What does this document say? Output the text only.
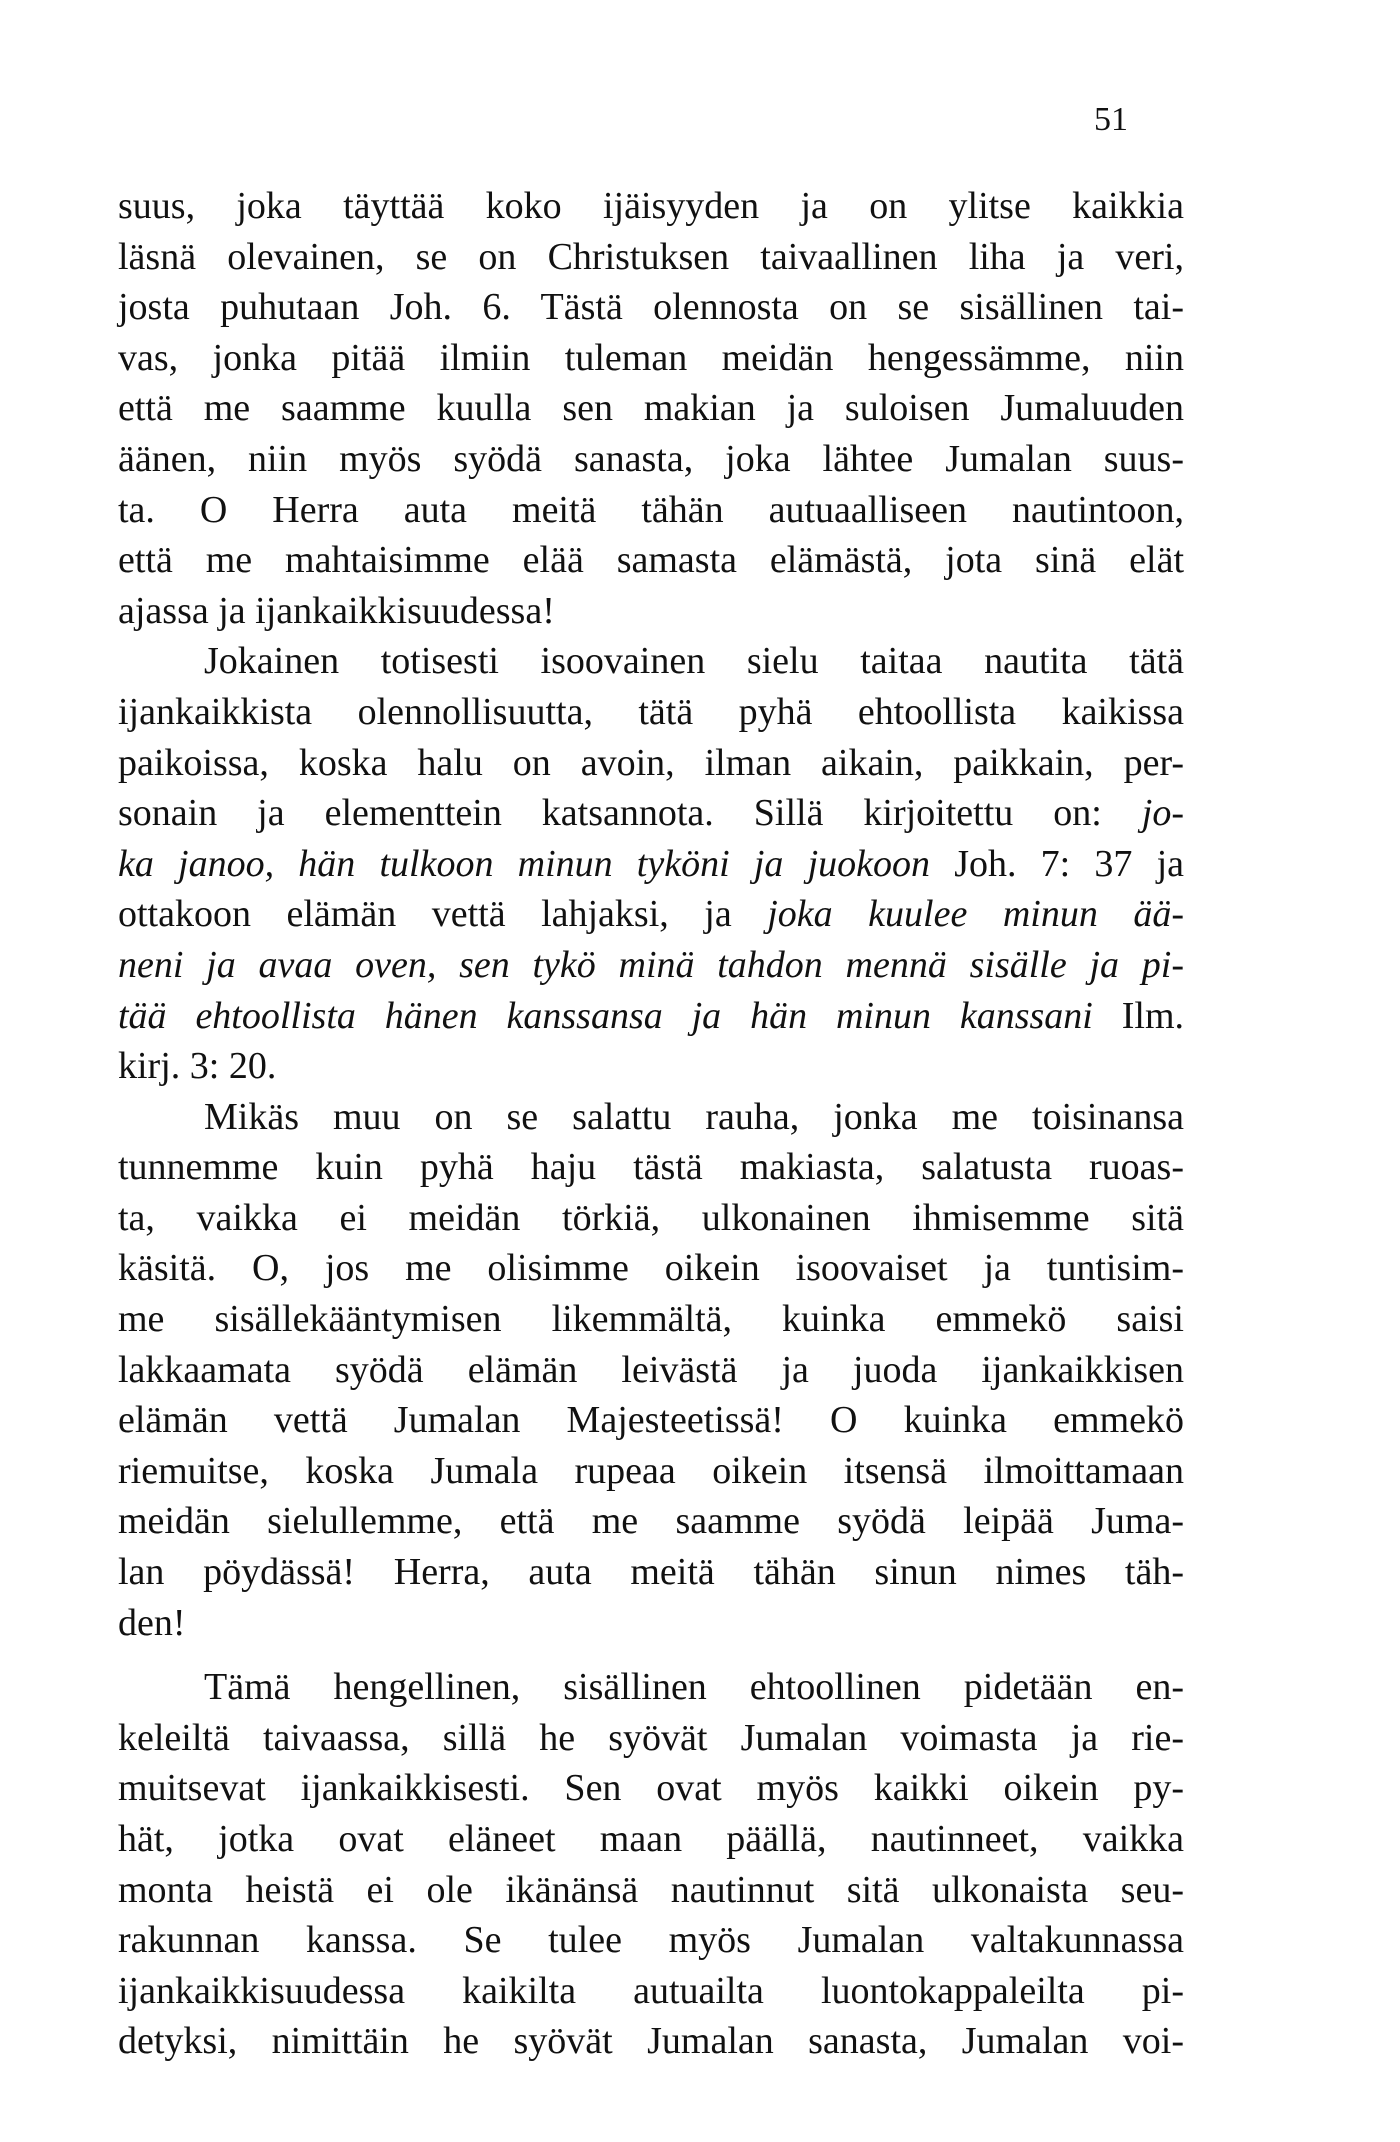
51
suus, joka täyttää koko ijäisyyden ja on ylitse kaikkia
läsnä olevainen, se on Christuksen taivaallinen liha ja veri,
josta puhutaan Joh. 6. Tästä olennosta on se sisällinen tai-
vas, jonka pitää ilmiin tuleman meidän hengessämme, niin
että me saamme kuulla sen makian ja suloisen Jumaluuden
äänen, niin myös syödä sanasta, joka lähtee Jumalan suus-
ta. O Herra auta meitä tähän autuaalliseen nautintoon,
että me mahtaisimme elää samasta elämästä, jota sinä elät
ajassa ja ijankaikkisuudessa!
Jokainen totisesti isoovainen sielu taitaa nautita tätä
ijankaikkista olennollisuutta, tätä pyhä ehtoollista kaikissa
paikoissa, koska halu on avoin, ilman aikain, paikkain, per-
sonain ja elementtein katsannota. Sillä kirjoitettu on: jo-
ka janoo, hän tulkoon minun tyköni ja juokoon Joh. 7: 37 ja
ottakoon elämän vettä lahjaksi, ja joka kuulee minun ää-
neni ja avaa oven, sen tykö minä tahdon mennä sisälle ja pi-
tää ehtoollista hänen kanssansa ja hän minun kanssani Ilm.
kirj. 3: 20.
Mikäs muu on se salattu rauha, jonka me toisinansa
tunnemme kuin pyhä haju tästä makiasta, salatusta ruoas-
ta, vaikka ei meidän törkiä, ulkonainen ihmisemme sitä
käsitä. O, jos me olisimme oikein isoovaiset ja tuntisim-
me sisällekääntymisen likemmältä, kuinka emmekö saisi
lakkaamata syödä elämän leivästä ja juoda ijankaikkisen
elämän vettä Jumalan Majesteetissä! O kuinka emmekö
riemuitse, koska Jumala rupeaa oikein itsensä ilmoittamaan
meidän sielullemme, että me saamme syödä leipää Juma-
lan pöydässä! Herra, auta meitä tähän sinun nimes täh-
den!
Tämä hengellinen, sisällinen ehtoollinen pidetään en-
keleiltä taivaassa, sillä he syövät Jumalan voimasta ja rie-
muitsevat ijankaikkisesti. Sen ovat myös kaikki oikein py-
hät, jotka ovat eläneet maan päällä, nautinneet, vaikka
monta heistä ei ole ikänänsä nautinnut sitä ulkonaista seu-
rakunnan kanssa. Se tulee myös Jumalan valtakunnassa
ijankaikkisuudessa kaikilta autuailta luontokappaleilta pi-
detyksi, nimittäin he syövät Jumalan sanasta, Jumalan voi-
